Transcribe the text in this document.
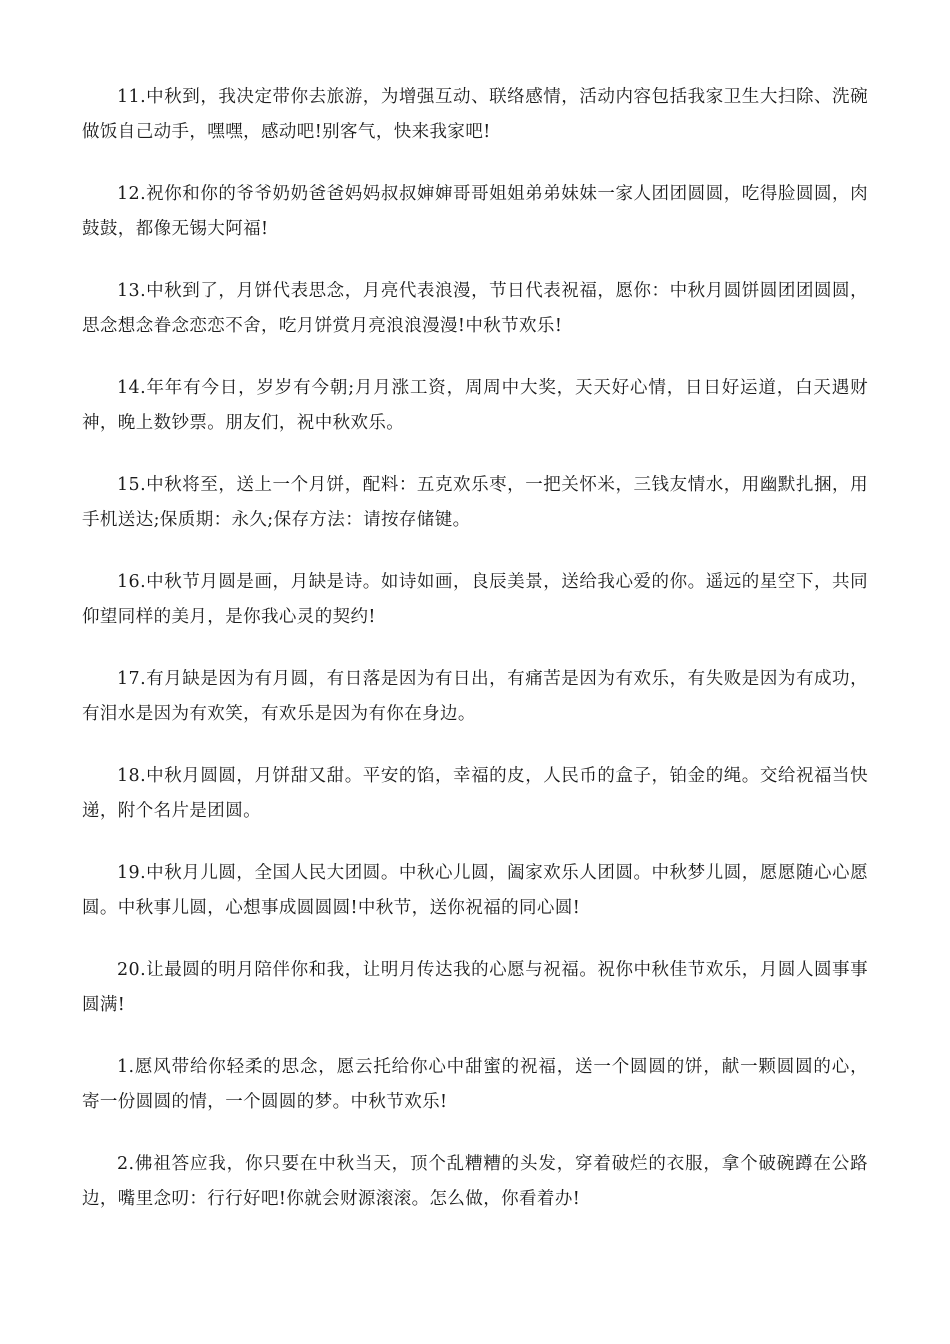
11.中秋到，我决定带你去旅游，为增强互动、联络感情，活动内容包括我家卫生大扫除、洗碗做饭自己动手，嘿嘿，感动吧!别客气，快来我家吧!

12.祝你和你的爷爷奶奶爸爸妈妈叔叔婶婶哥哥姐姐弟弟妹妹一家人团团圆圆，吃得脸圆圆，肉鼓鼓，都像无锡大阿福!

13.中秋到了，月饼代表思念，月亮代表浪漫，节日代表祝福，愿你：中秋月圆饼圆团团圆圆，思念想念眷念恋恋不舍，吃月饼赏月亮浪浪漫漫!中秋节欢乐!

14.年年有今日，岁岁有今朝;月月涨工资，周周中大奖，天天好心情，日日好运道，白天遇财神，晚上数钞票。朋友们，祝中秋欢乐。

15.中秋将至，送上一个月饼，配料：五克欢乐枣，一把关怀米，三钱友情水，用幽默扎捆，用手机送达;保质期：永久;保存方法：请按存储键。

16.中秋节月圆是画，月缺是诗。如诗如画，良辰美景，送给我心爱的你。遥远的星空下，共同仰望同样的美月，是你我心灵的契约!

17.有月缺是因为有月圆，有日落是因为有日出，有痛苦是因为有欢乐，有失败是因为有成功，有泪水是因为有欢笑，有欢乐是因为有你在身边。

18.中秋月圆圆，月饼甜又甜。平安的馅，幸福的皮，人民币的盒子，铂金的绳。交给祝福当快递，附个名片是团圆。

19.中秋月儿圆，全国人民大团圆。中秋心儿圆，阖家欢乐人团圆。中秋梦儿圆，愿愿随心心愿圆。中秋事儿圆，心想事成圆圆圆!中秋节，送你祝福的同心圆!

20.让最圆的明月陪伴你和我，让明月传达我的心愿与祝福。祝你中秋佳节欢乐，月圆人圆事事圆满!

1.愿风带给你轻柔的思念，愿云托给你心中甜蜜的祝福，送一个圆圆的饼，献一颗圆圆的心，寄一份圆圆的情，一个圆圆的梦。中秋节欢乐!

2.佛祖答应我，你只要在中秋当天，顶个乱糟糟的头发，穿着破烂的衣服，拿个破碗蹲在公路边，嘴里念叨：行行好吧!你就会财源滚滚。怎么做，你看着办!
